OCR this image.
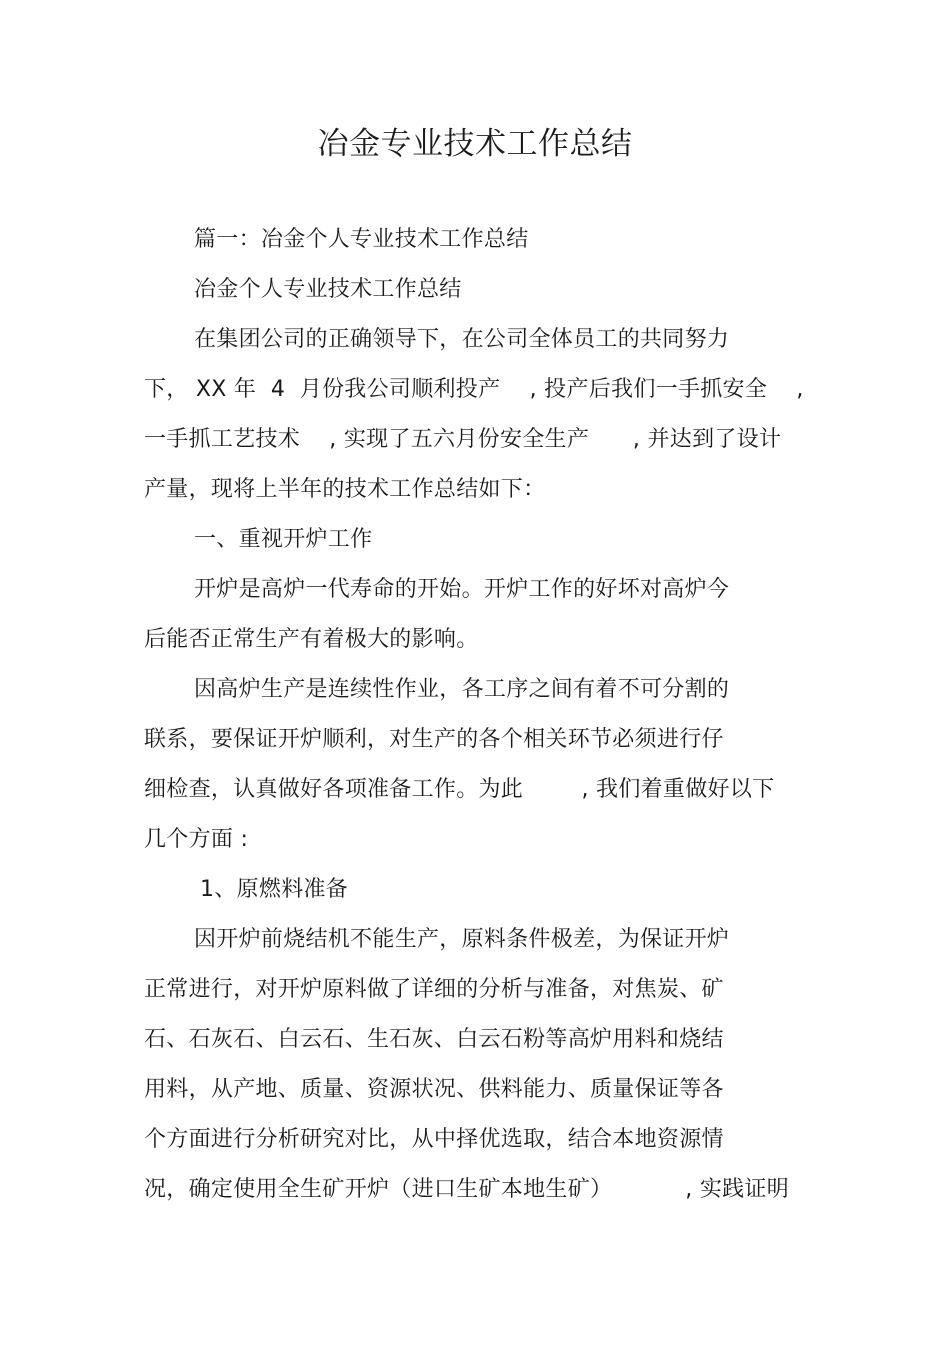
冶金专业技术工作总结
篇一：冶金个人专业技术工作总结
冶金个人专业技术工作总结
在集团公司的正确领导下，在公司全体员工的共同努力
下， XX 年  4  月份我公司顺利投产    , 投产后我们一手抓安全    ,
一手抓工艺技术    , 实现了五六月份安全生产      , 并达到了设计
产量，现将上半年的技术工作总结如下：
一、重视开炉工作
开炉是高炉一代寿命的开始。开炉工作的好坏对高炉今
后能否正常生产有着极大的影响。
因高炉生产是连续性作业，各工序之间有着不可分割的
联系，要保证开炉顺利，对生产的各个相关环节必须进行仔
细检查，认真做好各项准备工作。为此        , 我们着重做好以下
几个方面 :
1、原燃料准备
因开炉前烧结机不能生产，原料条件极差，为保证开炉
正常进行，对开炉原料做了详细的分析与准备，对焦炭、矿
石、石灰石、白云石、生石灰、白云石粉等高炉用料和烧结
用料，从产地、质量、资源状况、供料能力、质量保证等各
个方面进行分析研究对比，从中择优选取，结合本地资源情
况，确定使用全生矿开炉（进口生矿本地生矿）          , 实践证明
